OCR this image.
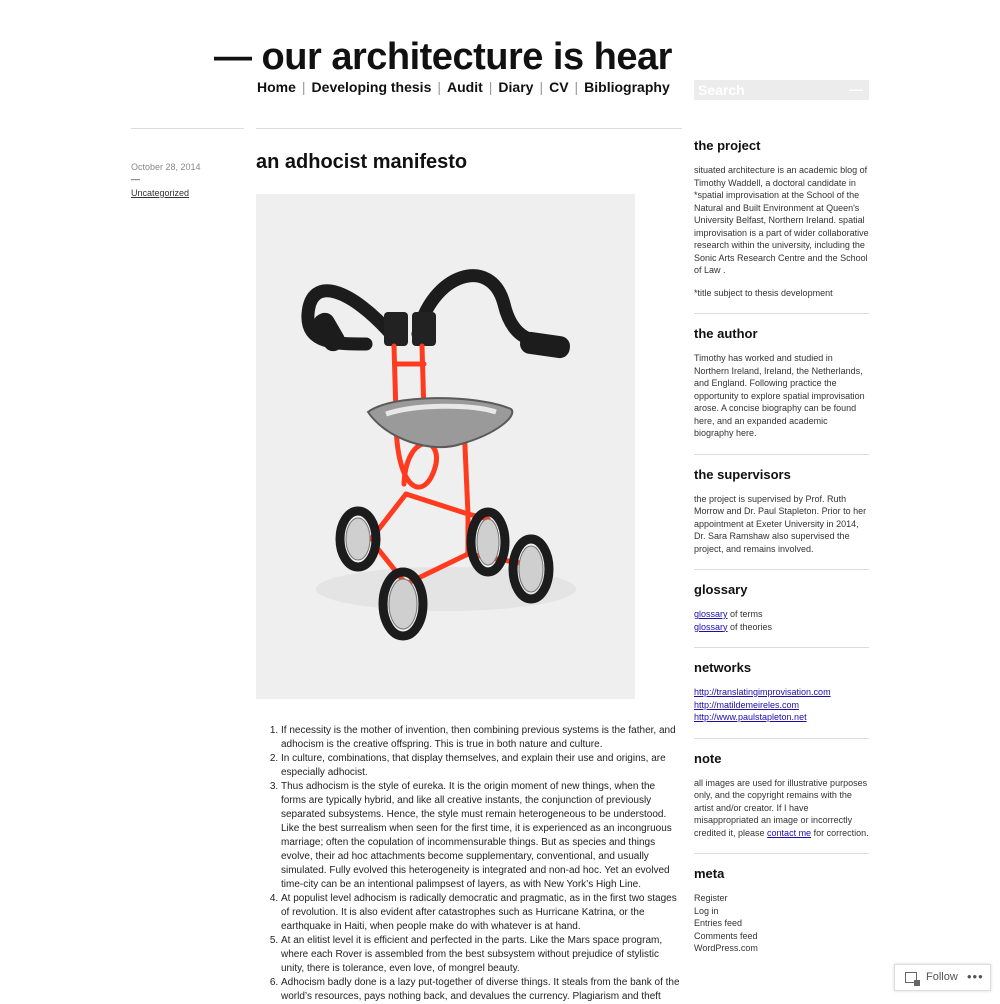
— our architecture is hear
Home | Developing thesis | Audit | Diary | CV | Bibliography
Search	—
October 28, 2014
—
Uncategorized
an adhocist manifesto
1. If necessity is the mother of invention, then combining previous systems is the father, and adhocism is the creative offspring. This is true in both nature and culture.
2. In culture, combinations, that display themselves, and explain their use and origins, are especially adhocist.
3. Thus adhocism is the style of eureka. It is the origin moment of new things, when the forms are typically hybrid, and like all creative instants, the conjunction of previously separated subsystems. Hence, the style must remain heterogeneous to be understood. Like the best surrealism when seen for the first time, it is experienced as an incongruous marriage; often the copulation of incommensurable things. But as species and things evolve, their ad hoc attachments become supplementary, conventional, and usually simulated. Fully evolved this heterogeneity is integrated and non-ad hoc. Yet an evolved time-city can be an intentional palimpsest of layers, as with New York’s High Line.
4. At populist level adhocism is radically democratic and pragmatic, as in the first two stages of revolution. It is also evident after catastrophes such as Hurricane Katrina, or the earthquake in Haiti, when people make do with whatever is at hand.
5. At an elitist level it is efficient and perfected in the parts. Like the Mars space program, where each Rover is assembled from the best subsystem without prejudice of stylistic unity, there is tolerance, even love, of mongrel beauty.
6. Adhocism badly done is a lazy put-together of diverse things. It steals from the bank of the world’s resources, pays nothing back, and devalues the currency. Plagiarism and theft
the project

situated architecture is an academic blog of Timothy Waddell, a doctoral candidate in *spatial improvisation at the School of the Natural and Built Environment at Queen's University Belfast, Northern Ireland. spatial improvisation is a part of wider collaborative research within the university, including the Sonic Arts Research Centre and the School of Law .

*title subject to thesis development

the author

Timothy has worked and studied in Northern Ireland, Ireland, the Netherlands, and England. Following practice the opportunity to explore spatial improvisation arose. A concise biography can be found here, and an expanded academic biography here.

the supervisors

the project is supervised by Prof. Ruth Morrow and Dr. Paul Stapleton. Prior to her appointment at Exeter University in 2014, Dr. Sara Ramshaw also supervised the project, and remains involved.

glossary
glossary of terms
glossary of theories
networks
http://translatingimprovisation.com
http://matildemeireles.com
http://www.paulstapleton.net
note

all images are used for illustrative purposes only, and the copyright remains with the artist and/or creator. If I have misappropriated an image or incorrectly credited it, please contact me for correction.

meta
Register
Log in
Entries feed
Comments feed
WordPress.com
Follow •••
